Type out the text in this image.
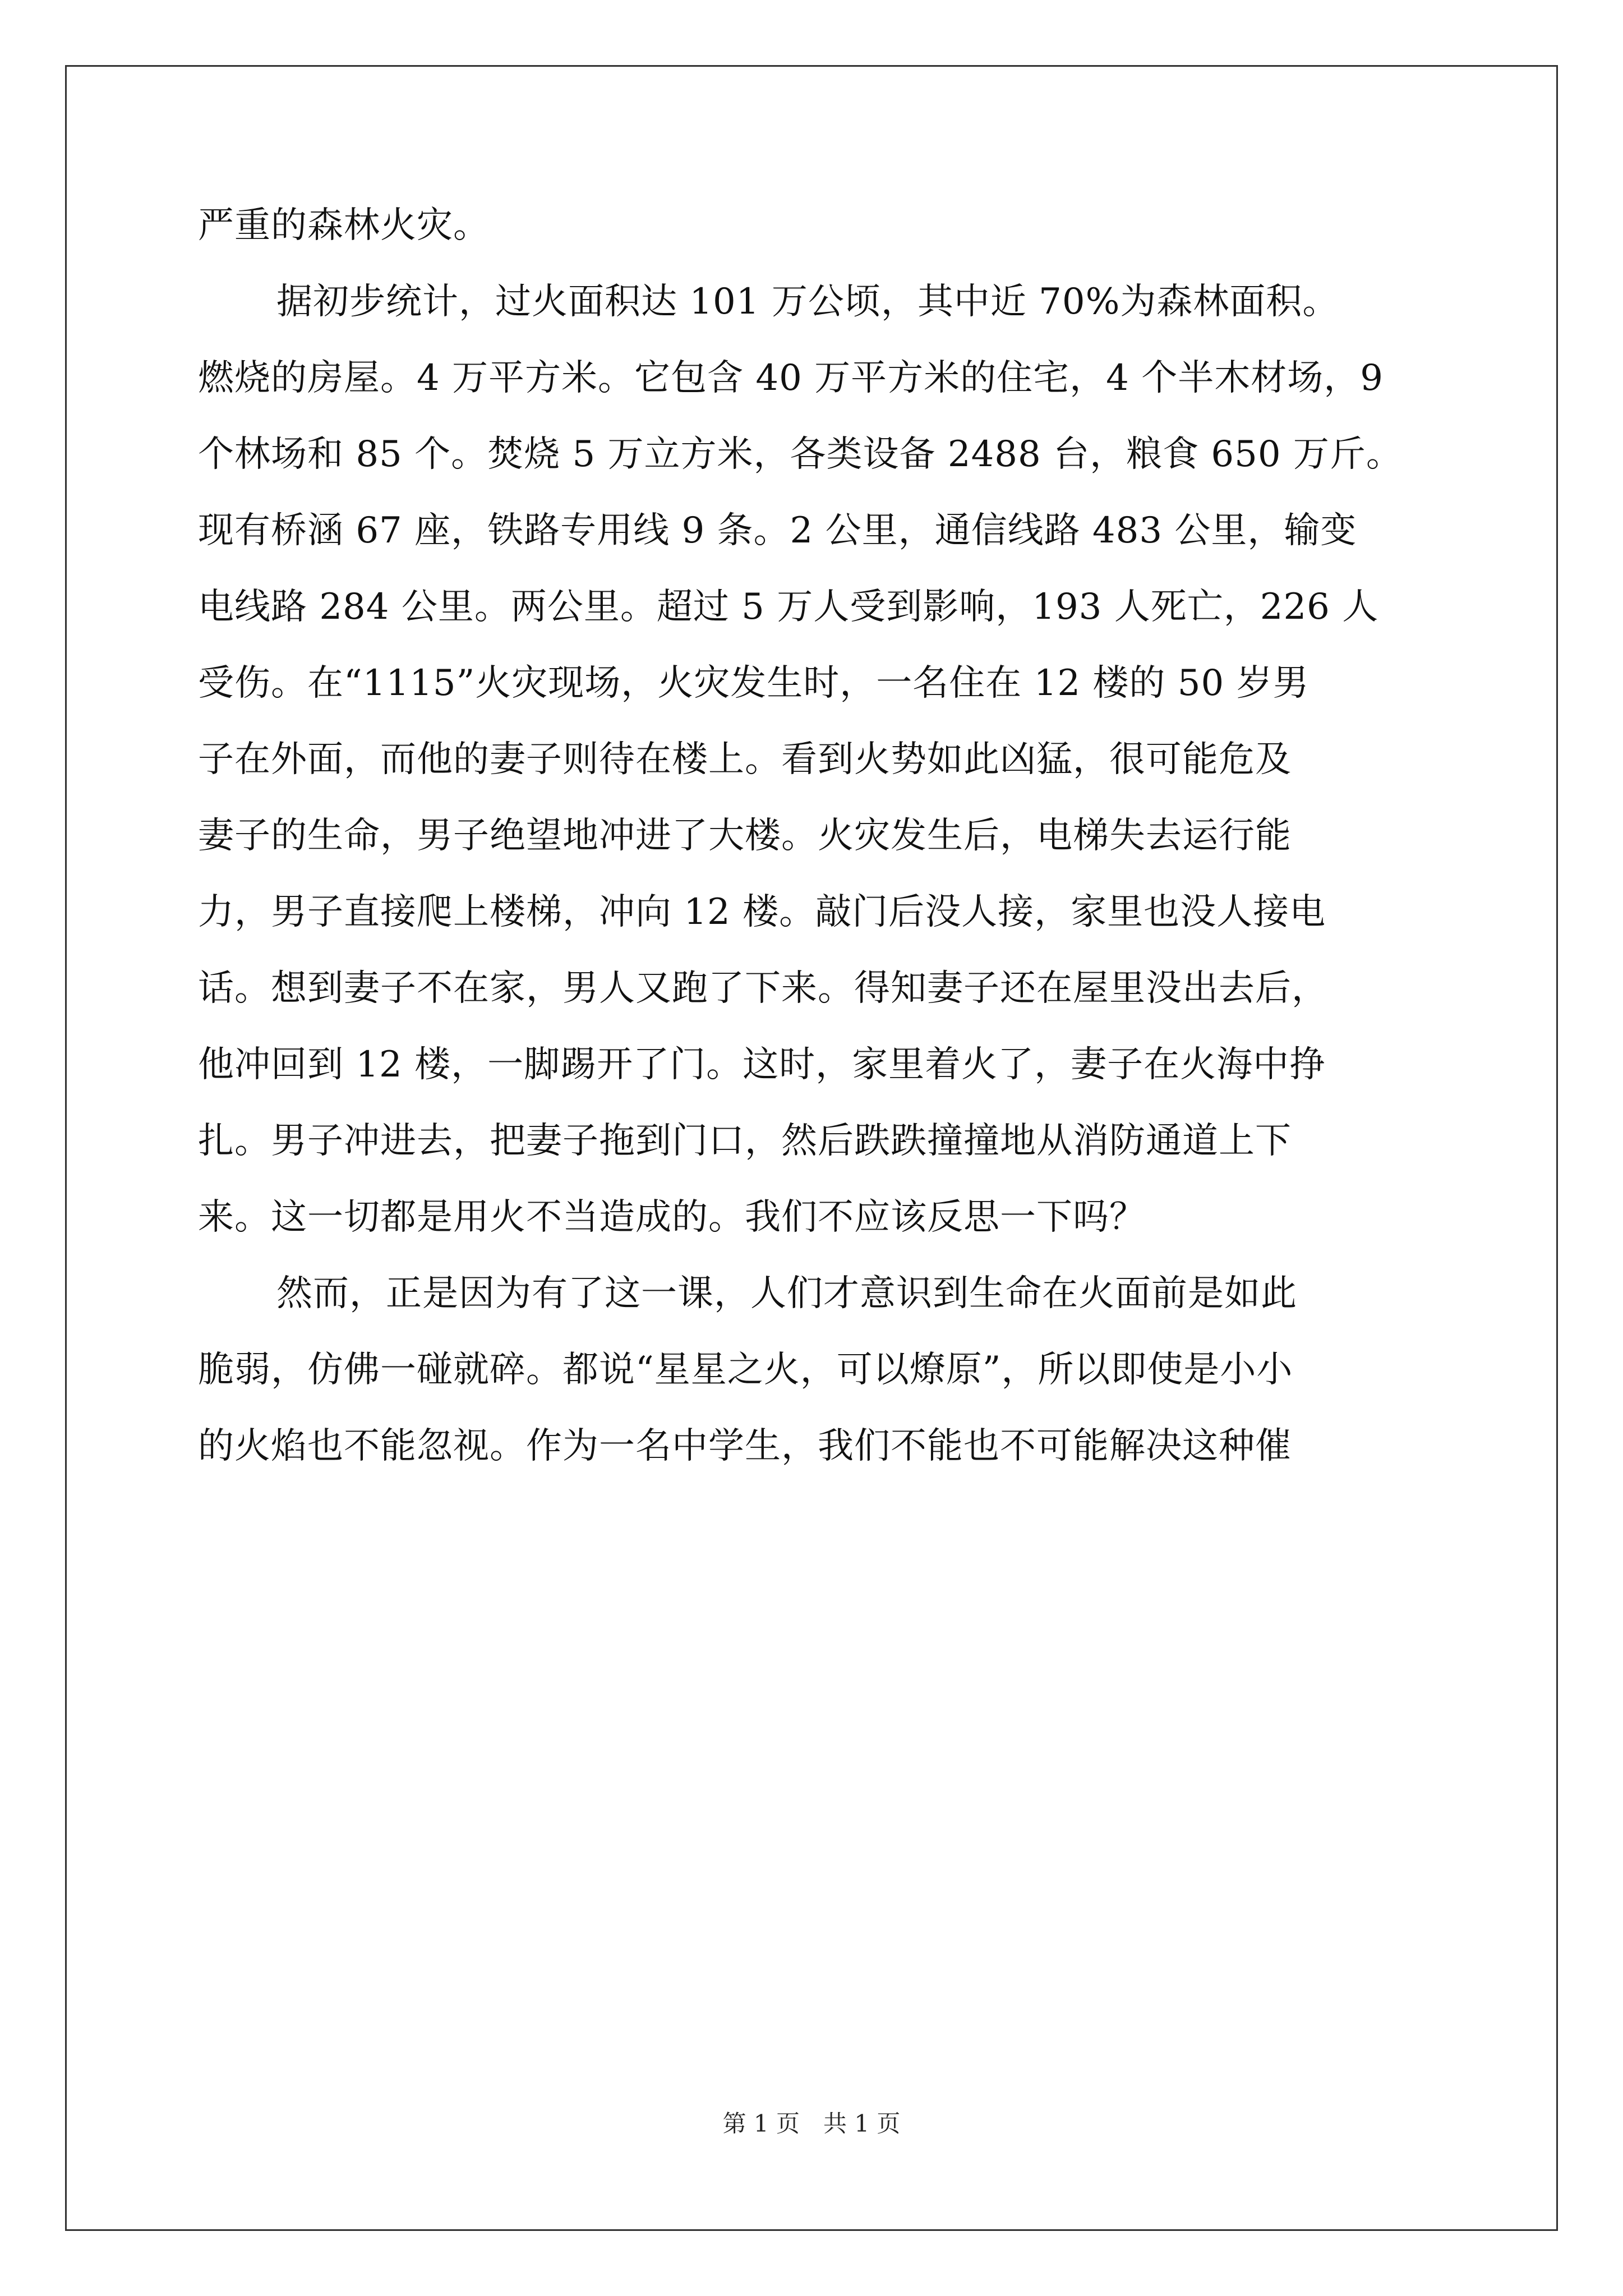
严重的森林火灾。
据初步统计，过火面积达 101 万公顷，其中近 70%为森林面积。
燃烧的房屋。4 万平方米。它包含 40 万平方米的住宅，4 个半木材场，9
个林场和 85 个。焚烧 5 万立方米，各类设备 2488 台，粮食 650 万斤。
现有桥涵 67 座，铁路专用线 9 条。2 公里，通信线路 483 公里，输变
电线路 284 公里。两公里。超过 5 万人受到影响，193 人死亡，226 人
受伤。在“1115”火灾现场，火灾发生时，一名住在 12 楼的 50 岁男
子在外面，而他的妻子则待在楼上。看到火势如此凶猛，很可能危及
妻子的生命，男子绝望地冲进了大楼。火灾发生后，电梯失去运行能
力，男子直接爬上楼梯，冲向 12 楼。敲门后没人接，家里也没人接电
话。想到妻子不在家，男人又跑了下来。得知妻子还在屋里没出去后，
他冲回到 12 楼，一脚踢开了门。这时，家里着火了，妻子在火海中挣
扎。男子冲进去，把妻子拖到门口，然后跌跌撞撞地从消防通道上下
来。这一切都是用火不当造成的。我们不应该反思一下吗？
然而，正是因为有了这一课，人们才意识到生命在火面前是如此
脆弱，仿佛一碰就碎。都说“星星之火，可以燎原”，所以即使是小小
的火焰也不能忽视。作为一名中学生，我们不能也不可能解决这种催
第 1 页　共 1 页
